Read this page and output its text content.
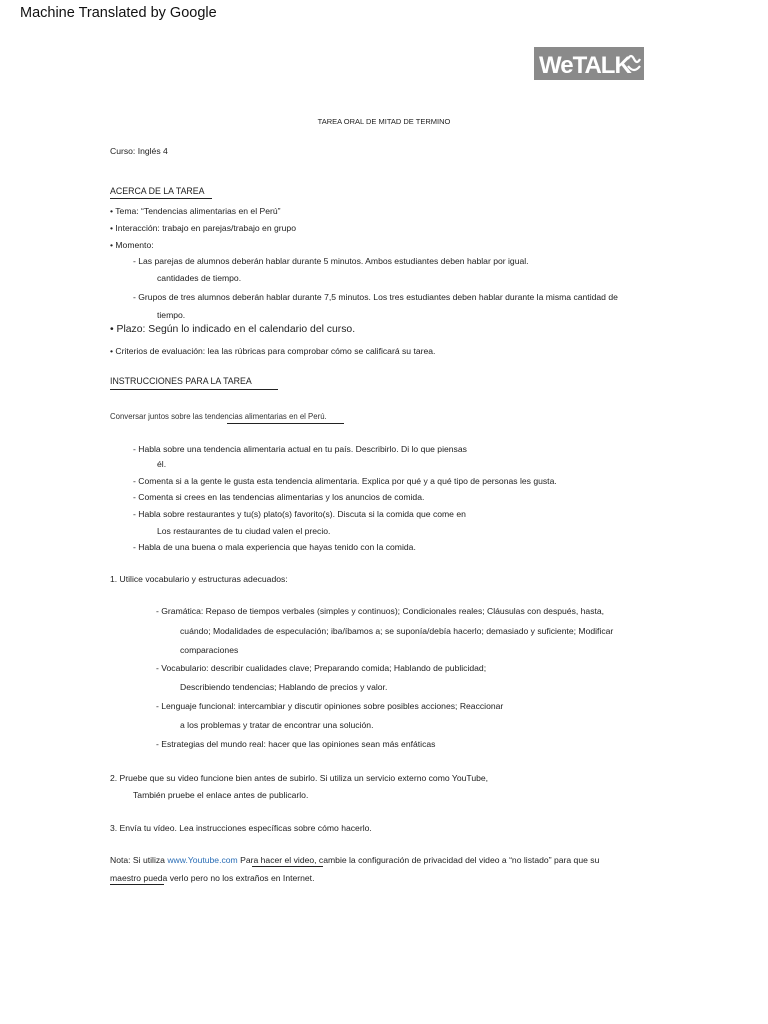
Machine Translated by Google
WeTALK
TAREA ORAL DE MITAD DE TERMINO
Curso: Inglés 4
ACERCA DE LA TAREA
• Tema: “Tendencias alimentarias en el Perú”
• Interacción: trabajo en parejas/trabajo en grupo
• Momento:
- Las parejas de alumnos deberán hablar durante 5 minutos. Ambos estudiantes deben hablar por igual.
cantidades de tiempo.
- Grupos de tres alumnos deberán hablar durante 7,5 minutos. Los tres estudiantes deben hablar durante la misma cantidad de
tiempo.
• Plazo: Según lo indicado en el calendario del curso.
• Criterios de evaluación: lea las rúbricas para comprobar cómo se calificará su tarea.
INSTRUCCIONES PARA LA TAREA
Conversar juntos sobre las tendencias alimentarias en el Perú.
- Habla sobre una tendencia alimentaria actual en tu país. Describirlo. Di lo que piensas
él.
- Comenta si a la gente le gusta esta tendencia alimentaria. Explica por qué y a qué tipo de personas les gusta.
- Comenta si crees en las tendencias alimentarias y los anuncios de comida.
- Habla sobre restaurantes y tu(s) plato(s) favorito(s). Discuta si la comida que come en
Los restaurantes de tu ciudad valen el precio.
- Habla de una buena o mala experiencia que hayas tenido con la comida.
1. Utilice vocabulario y estructuras adecuados:
- Gramática: Repaso de tiempos verbales (simples y continuos); Condicionales reales; Cláusulas con después, hasta,
cuándo; Modalidades de especulación; iba/íbamos a; se suponía/debía hacerlo; demasiado y suficiente; Modificar
comparaciones
- Vocabulario: describir cualidades clave; Preparando comida; Hablando de publicidad;
Describiendo tendencias; Hablando de precios y valor.
- Lenguaje funcional: intercambiar y discutir opiniones sobre posibles acciones; Reaccionar
a los problemas y tratar de encontrar una solución.
- Estrategias del mundo real: hacer que las opiniones sean más enfáticas
2. Pruebe que su video funcione bien antes de subirlo. Si utiliza un servicio externo como YouTube,
También pruebe el enlace antes de publicarlo.
3. Envía tu vídeo. Lea instrucciones específicas sobre cómo hacerlo.
Nota: Si utiliza www.Youtube.com Para hacer el video, cambie la configuración de privacidad del video a “no listado” para que su
maestro pueda verlo pero no los extraños en Internet.
